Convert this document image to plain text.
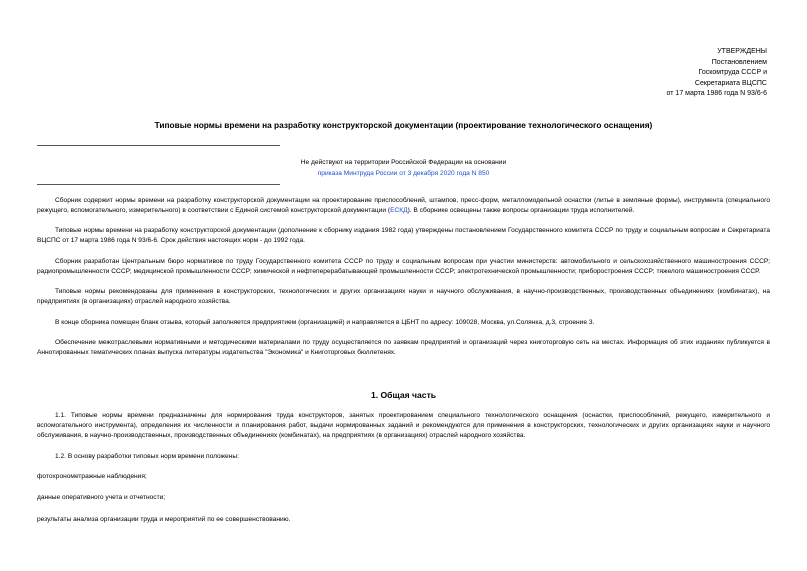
УТВЕРЖДЕНЫ
Постановлением
Госкомтруда СССР и
Секретариата ВЦСПС
от 17 марта 1986 года N 93/6-6
Типовые нормы времени на разработку конструкторской документации (проектирование технологического оснащения)
Не действуют на территории Российской Федерации на основании
приказа Минтруда России от 3 декабря 2020 года N 850

Сборник содержит нормы времени на разработку конструкторской документации на проектирование приспособлений, штампов, пресс-форм, металломодельной оснастки (литье в земляные формы), инструмента (специального режущего, вспомогательного, измерительного) в соответствии с Единой системой конструкторской документации (ЕСКД). В сборнике освещены также вопросы организации труда исполнителей.

Типовые нормы времени на разработку конструкторской документации (дополнение к сборнику издания 1982 года) утверждены постановлением Государственного комитета СССР по труду и социальным вопросам и Секретариата ВЦСПС от 17 марта 1986 года N 93/6-6. Срок действия настоящих норм - до 1992 года.

Сборник разработан Центральным бюро нормативов по труду Государственного комитета СССР по труду и социальным вопросам при участии министерств: автомобильного и сельскохозяйственного машиностроения СССР; радиопромышленности СССР; медицинской промышленности СССР; химической и нефтеперерабатывающей промышленности СССР; электротехнической промышленности; приборостроения СССР; тяжелого машиностроения СССР.

Типовые нормы рекомендованы для применения в конструкторских, технологических и других организациях науки и научного обслуживания, в научно-производственных, производственных объединениях (комбинатах), на предприятиях (в организациях) отраслей народного хозяйства.

В конце сборника помещен бланк отзыва, который заполняется предприятием (организацией) и направляется в ЦБНТ по адресу: 109028, Москва, ул.Солянка, д.3, строение 3.

Обеспечение межотраслевыми нормативными и методическими материалами по труду осуществляется по заявкам предприятий и организаций через книготорговую сеть на местах. Информация об этих изданиях публикуется в Аннотированных тематических планах выпуска литературы издательства "Экономика" и Книготорговых бюллетенях.

1. Общая часть

1.1. Типовые нормы времени предназначены для нормирования труда конструкторов, занятых проектированием специального технологического оснащения (оснастки, приспособлений, режущего, измерительного и вспомогательного инструмента), определения их численности и планирования работ, выдачи нормированных заданий и рекомендуются для применения в конструкторских, технологических и других организациях науки и научного обслуживания, в научно-производственных, производственных объединениях (комбинатах), на предприятиях (в организациях) отраслей народного хозяйства.

1.2. В основу разработки типовых норм времени положены:

фотохронометражные наблюдения;

данные оперативного учета и отчетности;

результаты анализа организации труда и мероприятий по ее совершенствованию.
